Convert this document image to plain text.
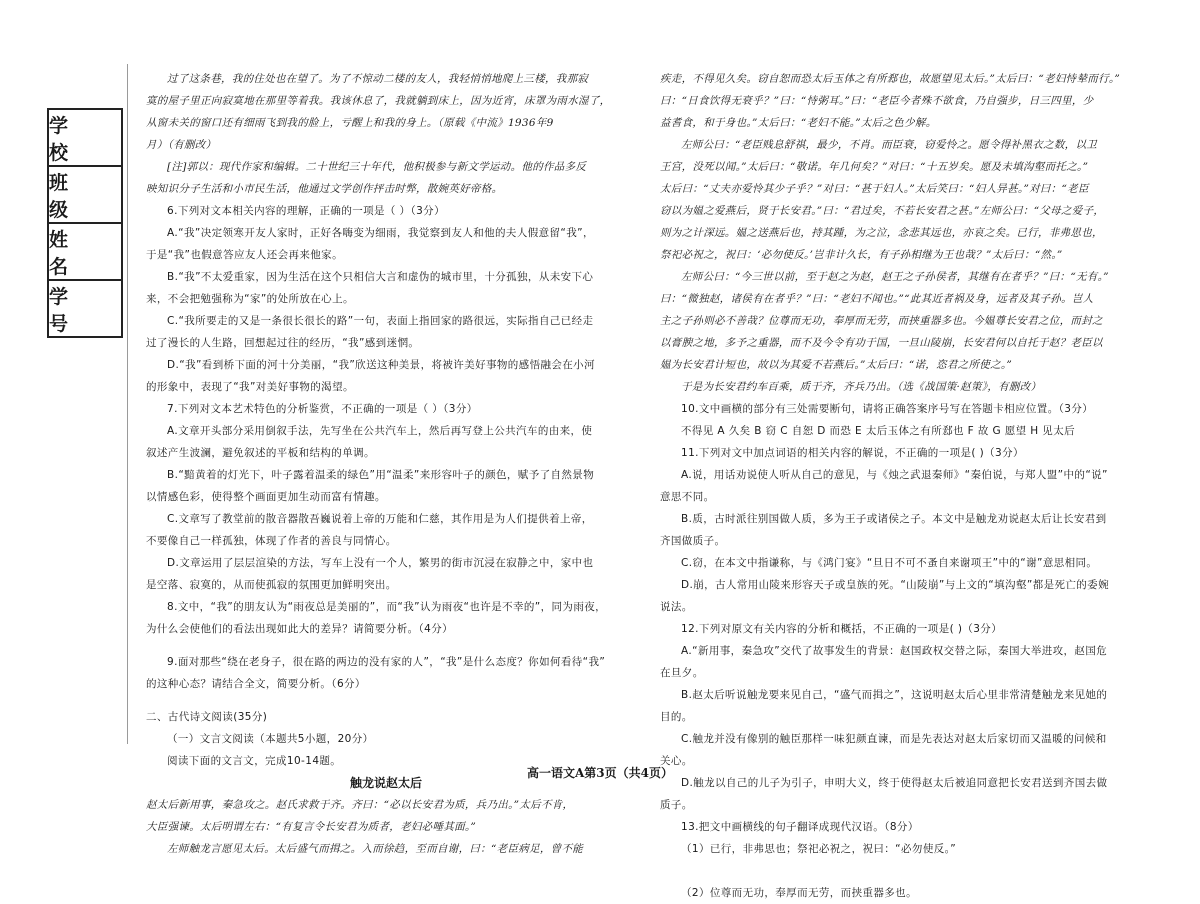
学 校
班 级
姓 名
学 号

过了这条巷，我的住处也在望了。为了不惊动二楼的友人，我轻悄悄地爬上三楼，我那寂

寞的屋子里正向寂寞地在那里等着我。我该休息了，我就躺到床上，因为近宵，床罩为雨水湿了，

从窗未关的窗口还有细雨飞到我的脸上，亏醒上和我的身上。（原载《中流》1936年9

月）（有删改）

[注]郭以：现代作家和编辑。二十世纪三十年代，他积极参与新文学运动。他的作品多反

映知识分子生活和小市民生活，他通过文学创作抨击时弊，散婉英好帝格。

6.下列对文本相关内容的理解，正确的一项是（ ）（3分）

A.“我”决定领寒开友人家时，正好各嗨变为细雨，我觉察到友人和他的夫人假意留“我”，

于是“我”也假意答应友人还会再来他家。

B.“我”不太爱重家，因为生活在这个只相信大言和虚伪的城市里，十分孤独，从未安下心

来，不会把勉强称为“家”的处所放在心上。

C.“我所要走的又是一条很长很长的路”一句，表面上指回家的路很远，实际指自己已经走

过了漫长的人生路，回想起过往的经历，“我”感到迷惘。

D.“我”看到桥下面的河十分美丽，“我”欣送这种美景，将被许美好事物的感悟融会在小河

的形象中，表现了“我”对美好事物的渴望。

7.下列对文本艺术特色的分析鉴赏，不正确的一项是（ ）（3分）

A.文章开头部分采用倒叙手法，先写坐在公共汽车上，然后再写登上公共汽车的由来，使

叙述产生波澜，避免叙述的平板和结构的单调。

B.“黯黄着的灯光下，叶子露着温柔的绿色”用“温柔”来形容叶子的颜色，赋予了自然景物

以情感色彩，使得整个画面更加生动而富有情趣。

C.文章写了教堂前的散音器散吾巍说着上帝的万能和仁慈，其作用是为人们提供着上帝，

不要像自己一样孤独，体现了作者的善良与同情心。

D.文章运用了层层渲染的方法，写车上没有一个人，繁男的街市沉浸在寂静之中，家中也

是空落、寂寞的，从而使孤寂的氛围更加鲜明突出。

8.文中，“我”的朋友认为“雨夜总是美丽的”，而“我”认为雨夜“也许是不幸的”，同为雨夜，

为什么会使他们的看法出现如此大的差异？请简要分析。（4分）

9.面对那些“绕在老身子，很在路的两边的没有家的人”，“我”是什么态度？你如何看待“我”

的这种心态？请结合全文，简要分析。（6分）

二、古代诗文阅读(35分)

（一）文言文阅读（本题共5小题，20分）

阅读下面的文言文，完成10-14题。

触龙说赵太后

赵太后新用事，秦急攻之。赵氏求救于齐。齐曰：“必以长安君为质，兵乃出。”太后不肯，

大臣强谏。太后明谓左右：“有复言令长安君为质者，老妇必唾其面。”

左师触龙言愿见太后。太后盛气而揖之。入而徐趋，至而自谢，曰：“老臣病足，曾不能

疾走，不得见久矣。窃自恕而恐太后玉体之有所郄也，故愿望见太后。”太后曰：“老妇恃辇而行。”

曰：“日食饮得无衰乎？”曰：“恃粥耳。”曰：“老臣今者殊不欲食，乃自强步，日三四里，少

益耆食，和于身也。”太后曰：“老妇不能。”太后之色少解。

左师公曰：“老臣贱息舒祺，最少，不肖。而臣衰，窃爱怜之。愿令得补黑衣之数，以卫

王宫，没死以闻。”太后曰：“敬诺。年几何矣？”对曰：“十五岁矣。愿及未填沟壑而托之。”

太后曰：“丈夫亦爱怜其少子乎？”对曰：“甚于妇人。”太后笑曰：“妇人异甚。”对曰：“老臣

窃以为媪之爱燕后，贤于长安君。”曰：“君过矣，不若长安君之甚。”左师公曰：“父母之爱子，

则为之计深远。媪之送燕后也，持其踵，为之泣，念悲其远也，亦哀之矣。已行，非弗思也，

祭祀必祝之，祝曰：‘必勿使反。’岂非计久长，有子孙相继为王也哉？”太后曰：“然。”

左师公曰：“今三世以前，至于赵之为赵，赵王之子孙侯者，其继有在者乎？”曰：“无有。”

曰：“微独赵，诸侯有在者乎？”曰：“老妇不闻也。”“此其近者祸及身，远者及其子孙。岂人

主之子孙则必不善哉？位尊而无功，奉厚而无劳，而挟重器多也。今媪尊长安君之位，而封之

以膏腴之地，多予之重器，而不及今令有功于国，一旦山陵崩，长安君何以自托于赵？老臣以

媪为长安君计短也，故以为其爱不若燕后。”太后曰：“诺，恣君之所使之。”

于是为长安君约车百乘，质于齐，齐兵乃出。（选《战国策·赵策》，有删改）

10.文中画横的部分有三处需要断句，请将正确答案序号写在答题卡相应位置。（3分）

不得见 A 久矣 B 窃 C 自恕 D 而恐 E 太后玉体之有所郄也 F 故 G 愿望 H 见太后

11.下列对文中加点词语的相关内容的解说，不正确的一项是( )（3分）

A.说，用话劝说使人听从自己的意见，与《烛之武退秦师》“秦伯说，与郑人盟”中的“说”

意思不同。

B.质，古时派往别国做人质，多为王子或诸侯之子。本文中是触龙劝说赵太后让长安君到

齐国做质子。

C.窃，在本文中指谦称，与《鸿门宴》“旦日不可不蚤自来谢项王”中的“谢”意思相同。

D.崩，古人常用山陵来形容天子或皇族的死。“山陵崩”与上文的“填沟壑”都是死亡的委婉

说法。

12.下列对原文有关内容的分析和概括，不正确的一项是( )（3分）

A.“新用事，秦急攻”交代了故事发生的背景：赵国政权交替之际，秦国大举进攻，赵国危

在旦夕。

B.赵太后听说触龙要来见自己，“盛气而揖之”，这说明赵太后心里非常清楚触龙来见她的

目的。

C.触龙并没有像别的触臣那样一味犯颜直谏，而是先表达对赵太后家切而又温暖的问候和

关心。

D.触龙以自己的儿子为引子，申明大义，终于使得赵太后被追同意把长安君送到齐国去做

质子。

13.把文中画横线的句子翻译成现代汉语。（8分）

（1）已行，非弗思也；祭祀必祝之，祝曰：“必勿使反。”

（2）位尊而无功，奉厚而无劳，而挟重器多也。

高一语文A第3页（共4页）
